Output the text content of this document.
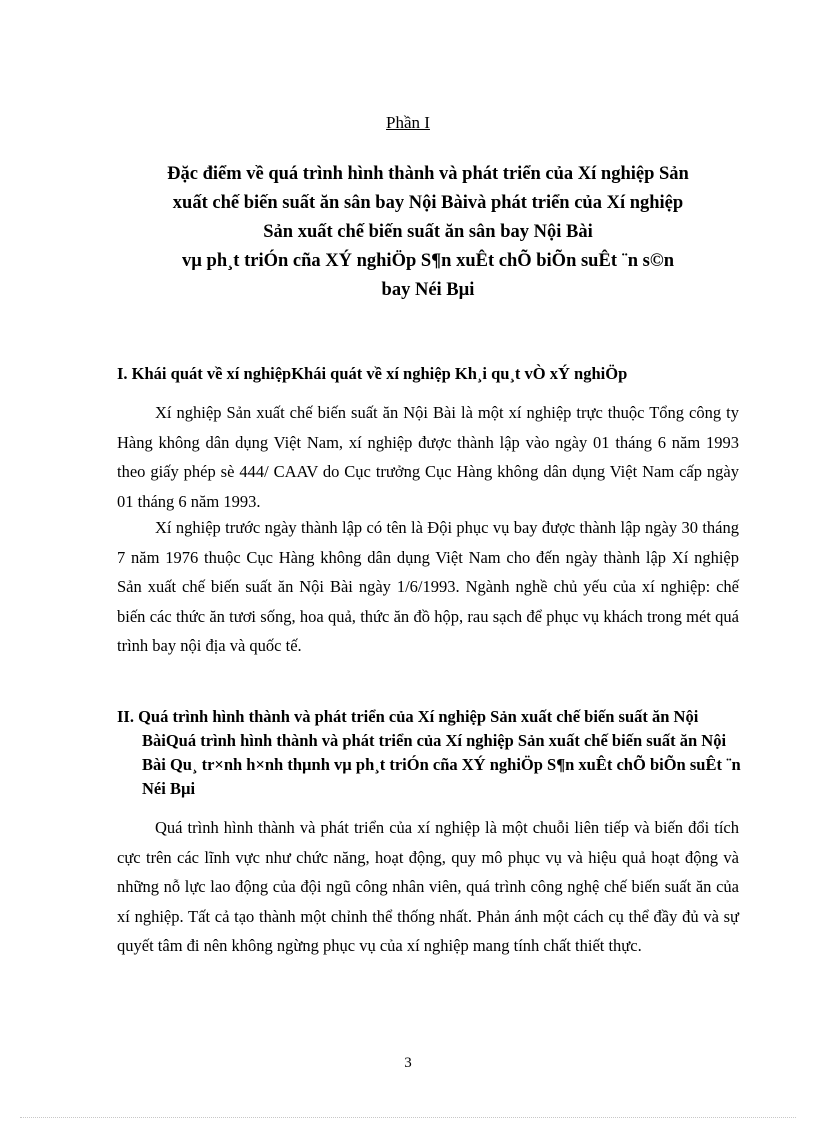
Phần I
Đặc điểm về quá trình hình thành và phát triển của Xí nghiệp Sản
xuất chế biến suất ăn sân bay Nội Bàivà phát triển của Xí nghiệp
Sản xuất chế biến suất ăn sân bay Nội Bài
vµ ph¸t triÓn cña XÝ nghiÖp S¶n xuÊt chÕ biÕn suÊt ¨n s©n
bay Néi Bµi
I. Khái quát về xí nghiệpKhái quát về xí nghiệp Kh¸i qu¸t vÒ xÝ nghiÖp

Xí nghiệp Sản xuất chế biến suất ăn Nội Bài là một xí nghiệp trực thuộc Tổng công ty Hàng không dân dụng Việt Nam, xí nghiệp được thành lập vào ngày 01 tháng 6 năm 1993 theo giấy phép sè 444/ CAAV do Cục trưởng Cục Hàng không dân dụng Việt Nam cấp ngày 01 tháng 6 năm 1993.

Xí nghiệp trước ngày thành lập có tên là Đội phục vụ bay được thành lập ngày 30 tháng 7 năm 1976 thuộc Cục Hàng không dân dụng Việt Nam cho đến ngày thành lập Xí nghiệp Sản xuất chế biến suất ăn Nội Bài ngày 1/6/1993. Ngành nghề chủ yếu của xí nghiệp: chế biến các thức ăn tươi sống, hoa quả, thức ăn đồ hộp, rau sạch để phục vụ khách trong mét quá trình bay nội địa và quốc tế.

II. Quá trình hình thành và phát triển của Xí nghiệp Sản xuất chế biến suất ăn Nội BàiQuá trình hình thành và phát triển của Xí nghiệp Sản xuất chế biến suất ăn Nội Bài Qu¸ tr×nh h×nh thµnh vµ ph¸t triÓn cña XÝ nghiÖp S¶n xuÊt chÕ biÕn suÊt ¨n Néi Bµi

Quá trình hình thành và phát triển của xí nghiệp là một chuỗi liên tiếp và biến đổi tích cực trên các lĩnh vực như chức năng, hoạt động, quy mô phục vụ và hiệu quả hoạt động và những nỗ lực lao động của đội ngũ công nhân viên, quá trình công nghệ chế biến suất ăn của xí nghiệp. Tất cả tạo thành một chỉnh thể thống nhất. Phản ánh một cách cụ thể đầy đủ và sự quyết tâm đi nên không ngừng phục vụ của xí nghiệp mang tính chất thiết thực.

3
